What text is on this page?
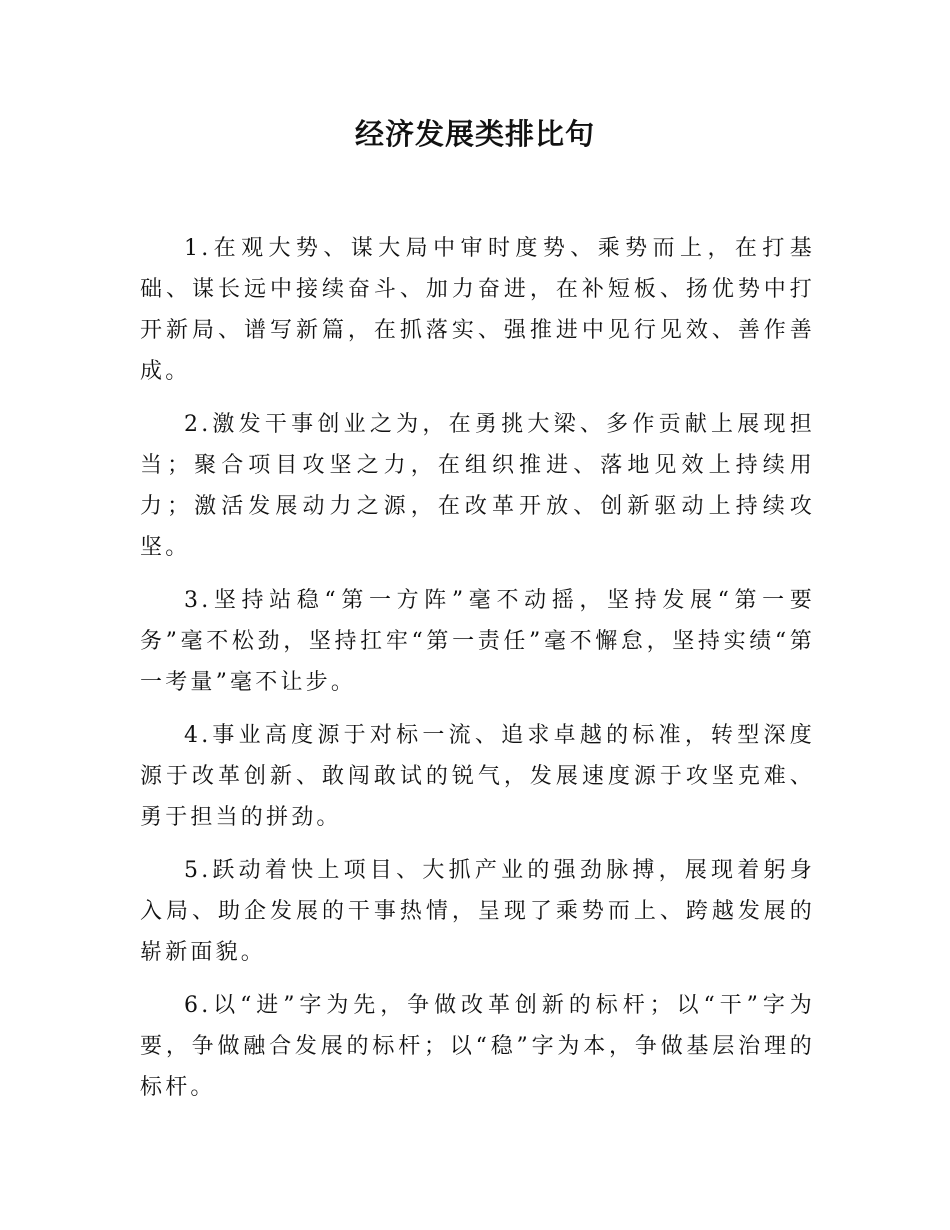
经济发展类排比句

1.在观大势、谋大局中审时度势、乘势而上，在打基础、谋长远中接续奋斗、加力奋进，在补短板、扬优势中打开新局、谱写新篇，在抓落实、强推进中见行见效、善作善成。

2.激发干事创业之为，在勇挑大梁、多作贡献上展现担当；聚合项目攻坚之力，在组织推进、落地见效上持续用力；激活发展动力之源，在改革开放、创新驱动上持续攻坚。

3.坚持站稳“第一方阵”毫不动摇，坚持发展“第一要务”毫不松劲，坚持扛牢“第一责任”毫不懈怠，坚持实绩“第一考量”毫不让步。

4.事业高度源于对标一流、追求卓越的标准，转型深度源于改革创新、敢闯敢试的锐气，发展速度源于攻坚克难、勇于担当的拼劲。

5.跃动着快上项目、大抓产业的强劲脉搏，展现着躬身入局、助企发展的干事热情，呈现了乘势而上、跨越发展的崭新面貌。

6.以“进”字为先，争做改革创新的标杆；以“干”字为要，争做融合发展的标杆；以“稳”字为本，争做基层治理的标杆。
